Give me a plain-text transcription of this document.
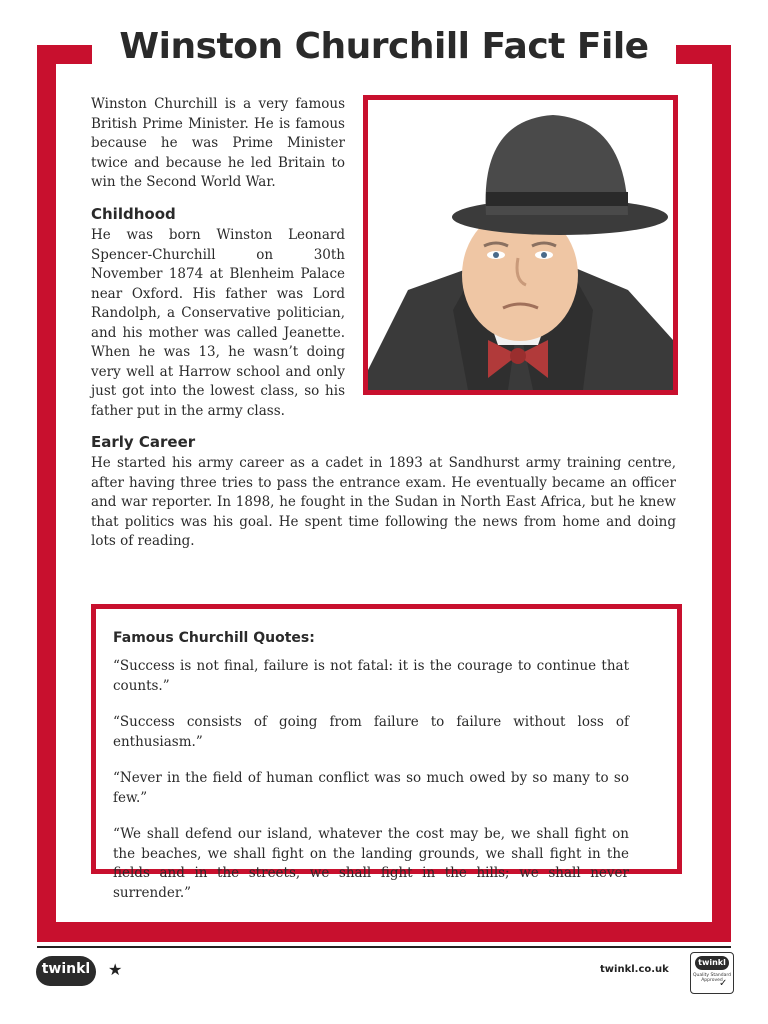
Winston Churchill Fact File

Winston Churchill is a very famous British Prime Minister. He is famous because he was Prime Minister twice and because he led Britain to win the Second World War.

Childhood

He was born Winston Leonard Spencer-Churchill on 30th November 1874 at Blenheim Palace near Oxford. His father was Lord Randolph, a Conservative politician, and his mother was called Jeanette. When he was 13, he wasn’t doing very well at Harrow school and only just got into the lowest class, so his father put in the army class.

Early Career

He started his army career as a cadet in 1893 at Sandhurst army training centre, after having three tries to pass the entrance exam. He eventually became an officer and war reporter. In 1898, he fought in the Sudan in North East Africa, but he knew that politics was his goal. He spent time following the news from home and doing lots of reading.

Famous Churchill Quotes:
“Success is not final, failure is not fatal: it is the courage to continue that counts.”
“Success consists of going from failure to failure without loss of enthusiasm.”
“Never in the field of human conflict was so much owed by so many to so few.”
“We shall defend our island, whatever the cost may be, we shall fight on the beaches, we shall fight on the landing grounds, we shall fight in the fields and in the streets, we shall fight in the hills; we shall never surrender.”
twinkl	★	twinkl.co.uk
twinkl
Quality Standard Approved
✓
